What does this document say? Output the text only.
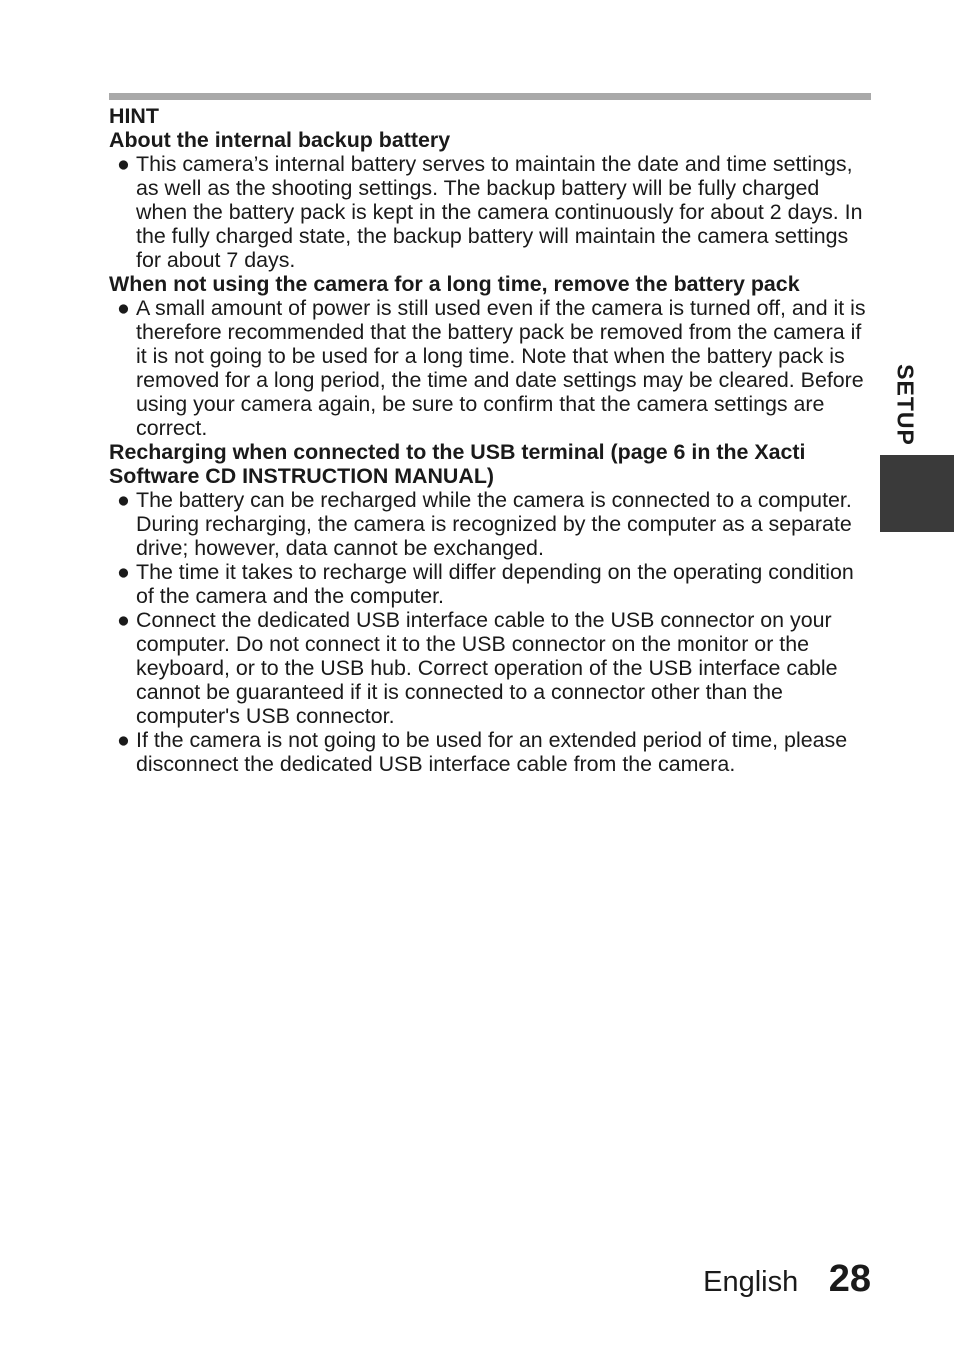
HINT

About the internal backup battery

● This camera’s internal battery serves to maintain the date and time settings, as well as the shooting settings. The backup battery will be fully charged when the battery pack is kept in the camera continuously for about 2 days. In the fully charged state, the backup battery will maintain the camera settings for about 7 days.

When not using the camera for a long time, remove the battery pack

● A small amount of power is still used even if the camera is turned off, and it is therefore recommended that the battery pack be removed from the camera if it is not going to be used for a long time. Note that when the battery pack is removed for a long period, the time and date settings may be cleared. Before using your camera again, be sure to confirm that the camera settings are correct.

Recharging when connected to the USB terminal (page 6 in the Xacti Software CD INSTRUCTION MANUAL)

● The battery can be recharged while the camera is connected to a computer. During recharging, the camera is recognized by the computer as a separate drive; however, data cannot be exchanged.
● The time it takes to recharge will differ depending on the operating condition of the camera and the computer.
● Connect the dedicated USB interface cable to the USB connector on your computer. Do not connect it to the USB connector on the monitor or the keyboard, or to the USB hub. Correct operation of the USB interface cable cannot be guaranteed if it is connected to a connector other than the computer's USB connector.
● If the camera is not going to be used for an extended period of time, please disconnect the dedicated USB interface cable from the camera.
SETUP
English 28
